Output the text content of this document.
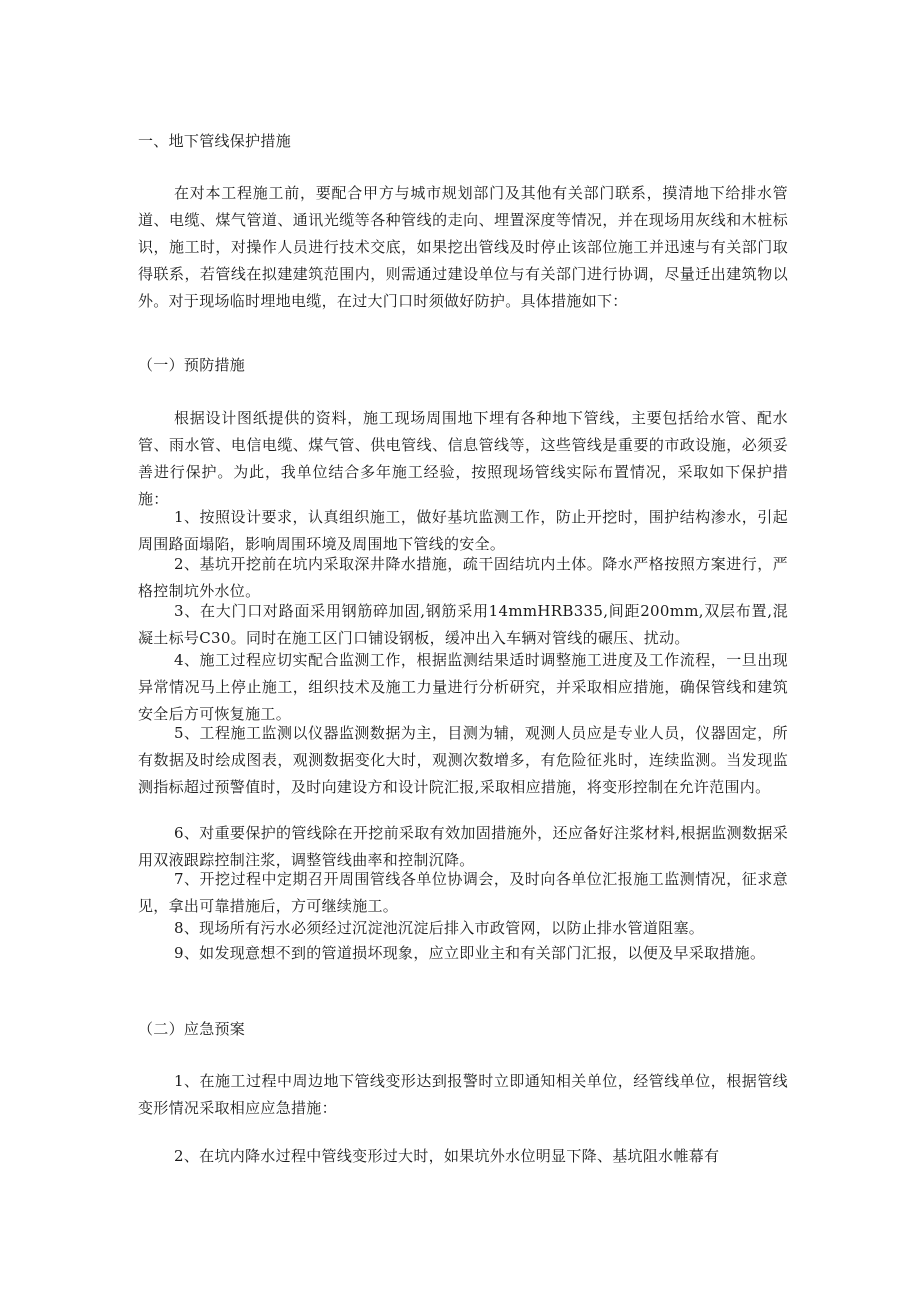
一、地下管线保护措施

在对本工程施工前，要配合甲方与城市规划部门及其他有关部门联系，摸清地下给排水管道、电缆、煤气管道、通讯光缆等各种管线的走向、埋置深度等情况，并在现场用灰线和木桩标识，施工时，对操作人员进行技术交底，如果挖出管线及时停止该部位施工并迅速与有关部门取得联系，若管线在拟建建筑范围内，则需通过建设单位与有关部门进行协调，尽量迁出建筑物以外。对于现场临时埋地电缆，在过大门口时须做好防护。具体措施如下：

（一）预防措施

根据设计图纸提供的资料，施工现场周围地下埋有各种地下管线，主要包括给水管、配水管、雨水管、电信电缆、煤气管、供电管线、信息管线等，这些管线是重要的市政设施，必须妥善进行保护。为此，我单位结合多年施工经验，按照现场管线实际布置情况，采取如下保护措施：

1、按照设计要求，认真组织施工，做好基坑监测工作，防止开挖时，围护结构渗水，引起周围路面塌陷，影响周围环境及周围地下管线的安全。

2、基坑开挖前在坑内采取深井降水措施，疏干固结坑内土体。降水严格按照方案进行，严格控制坑外水位。

3、在大门口对路面采用钢筋碎加固,钢筋采用14mmHRB335,间距200mm,双层布置,混凝土标号C30。同时在施工区门口铺设钢板，缓冲出入车辆对管线的碾压、扰动。

4、施工过程应切实配合监测工作，根据监测结果适时调整施工进度及工作流程，一旦出现异常情况马上停止施工，组织技术及施工力量进行分析研究，并采取相应措施，确保管线和建筑安全后方可恢复施工。

5、工程施工监测以仪器监测数据为主，目测为辅，观测人员应是专业人员，仪器固定，所有数据及时绘成图表，观测数据变化大时，观测次数增多，有危险征兆时，连续监测。当发现监测指标超过预警值时，及时向建设方和设计院汇报,采取相应措施，将变形控制在允许范围内。

6、对重要保护的管线除在开挖前采取有效加固措施外，还应备好注浆材料,根据监测数据采用双液跟踪控制注浆，调整管线曲率和控制沉降。

7、开挖过程中定期召开周围管线各单位协调会，及时向各单位汇报施工监测情况，征求意见，拿出可靠措施后，方可继续施工。

8、现场所有污水必须经过沉淀池沉淀后排入市政管网，以防止排水管道阻塞。

9、如发现意想不到的管道损坏现象，应立即业主和有关部门汇报，以便及早采取措施。

（二）应急预案

1、在施工过程中周边地下管线变形达到报警时立即通知相关单位，经管线单位，根据管线变形情况采取相应应急措施：

2、在坑内降水过程中管线变形过大时，如果坑外水位明显下降、基坑阻水帷幕有
